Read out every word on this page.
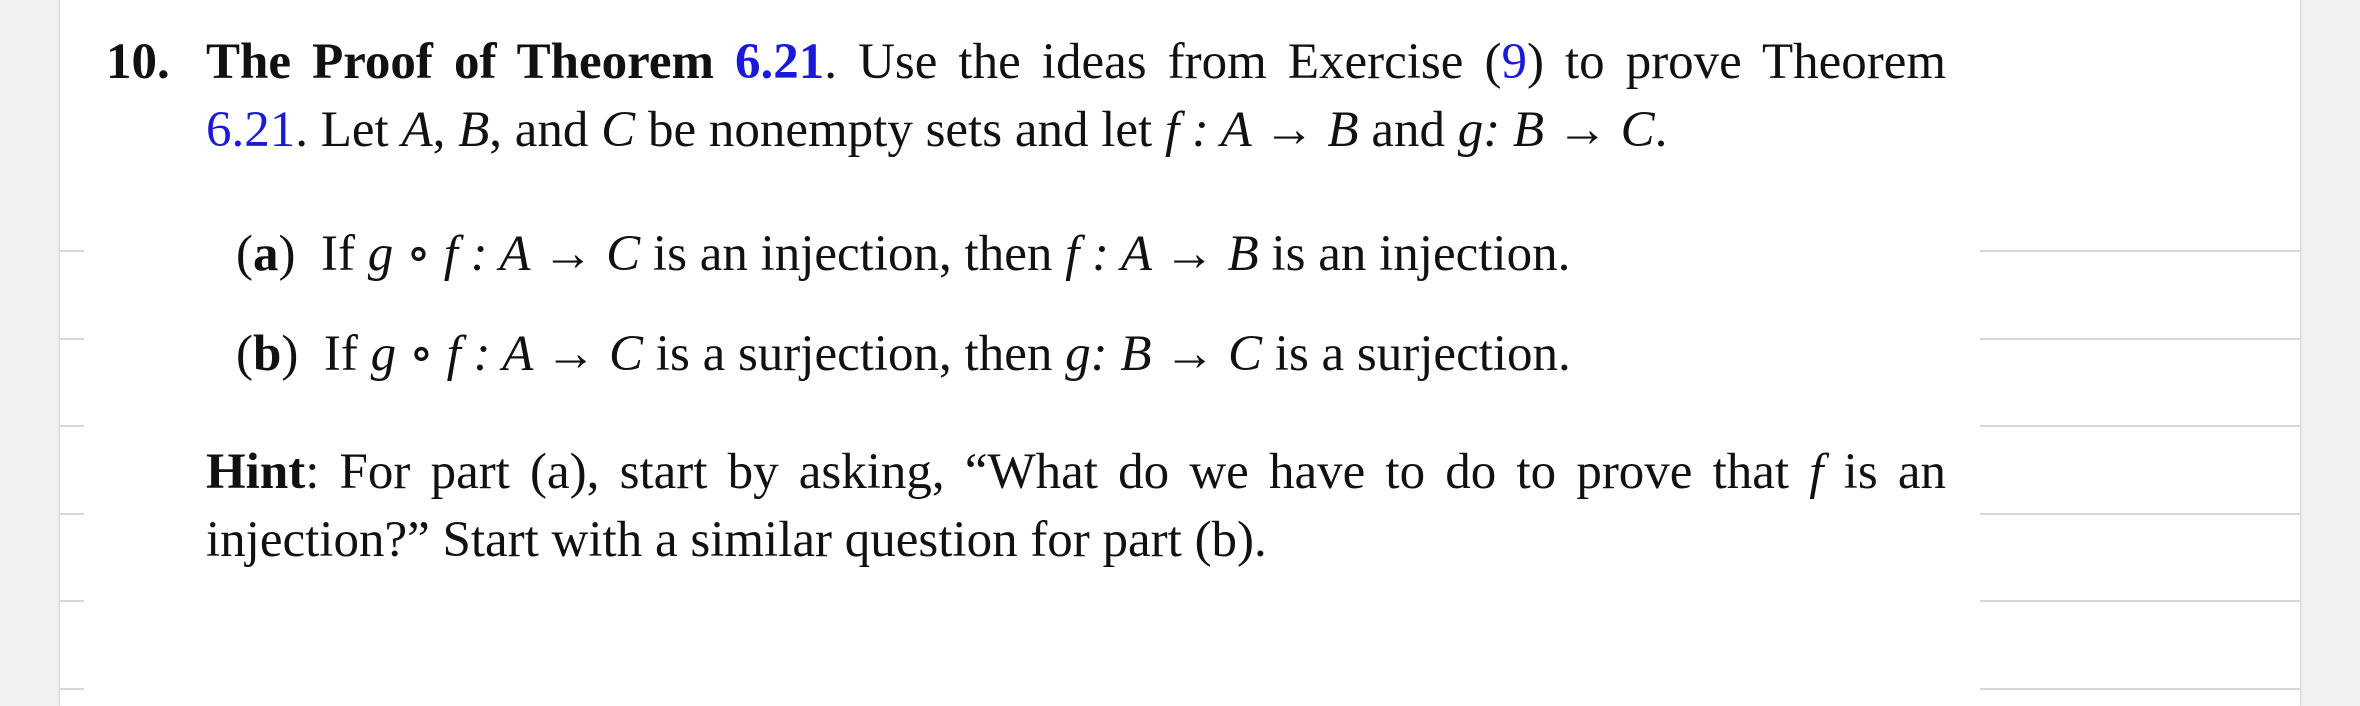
10. The Proof of Theorem 6.21. Use the ideas from Exercise (9) to prove Theorem 6.21. Let A, B, and C be nonempty sets and let f : A → B and g: B → C.
(a)  If g ∘ f : A → C is an injection, then f : A → B is an injection.
(b)  If g ∘ f : A → C is a surjection, then g: B → C is a surjection.
Hint: For part (a), start by asking, “What do we have to do to prove that f is an injection?” Start with a similar question for part (b).
